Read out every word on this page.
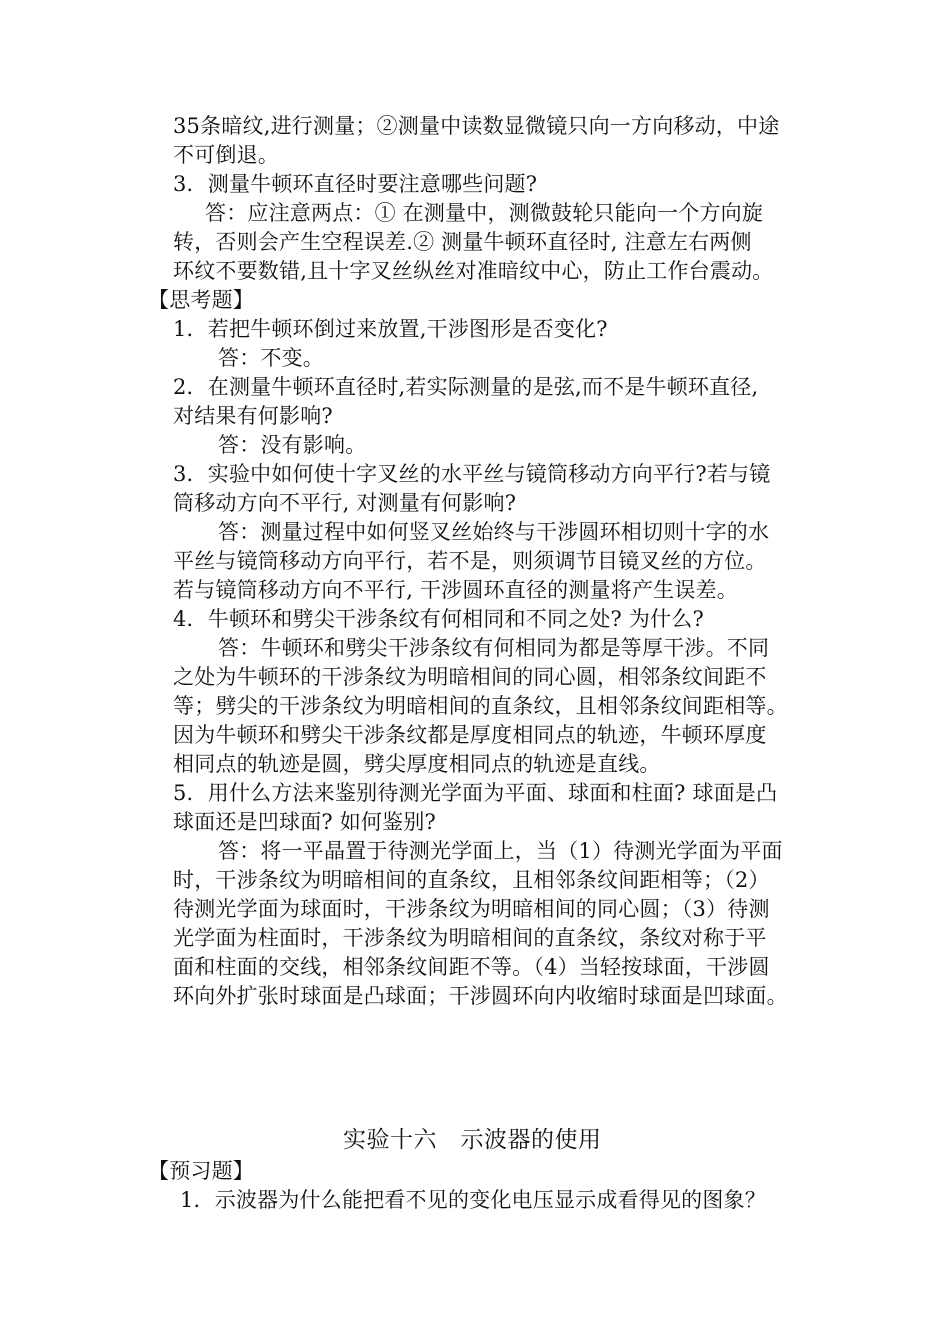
35条暗纹,进行测量；②测量中读数显微镜只向一方向移动，中途
不可倒退。
3．测量牛顿环直径时要注意哪些问题?
答：应注意两点：① 在测量中，测微鼓轮只能向一个方向旋
转，否则会产生空程误差.② 测量牛顿环直径时, 注意左右两侧
环纹不要数错,且十字叉丝纵丝对准暗纹中心，防止工作台震动。
【思考题】
1．若把牛顿环倒过来放置,干涉图形是否变化?
答：不变。
2．在测量牛顿环直径时,若实际测量的是弦,而不是牛顿环直径,
对结果有何影响?
答：没有影响。
3．实验中如何使十字叉丝的水平丝与镜筒移动方向平行?若与镜
筒移动方向不平行, 对测量有何影响?
答：测量过程中如何竖叉丝始终与干涉圆环相切则十字的水
平丝与镜筒移动方向平行，若不是，则须调节目镜叉丝的方位。
若与镜筒移动方向不平行, 干涉圆环直径的测量将产生误差。
4．牛顿环和劈尖干涉条纹有何相同和不同之处? 为什么?
答：牛顿环和劈尖干涉条纹有何相同为都是等厚干涉。不同
之处为牛顿环的干涉条纹为明暗相间的同心圆，相邻条纹间距不
等；劈尖的干涉条纹为明暗相间的直条纹，且相邻条纹间距相等。
因为牛顿环和劈尖干涉条纹都是厚度相同点的轨迹，牛顿环厚度
相同点的轨迹是圆，劈尖厚度相同点的轨迹是直线。
5．用什么方法来鉴别待测光学面为平面、球面和柱面? 球面是凸
球面还是凹球面? 如何鉴别?
答：将一平晶置于待测光学面上，当（1）待测光学面为平面
时，干涉条纹为明暗相间的直条纹，且相邻条纹间距相等；（2）
待测光学面为球面时，干涉条纹为明暗相间的同心圆；（3）待测
光学面为柱面时，干涉条纹为明暗相间的直条纹，条纹对称于平
面和柱面的交线，相邻条纹间距不等。（4）当轻按球面，干涉圆
环向外扩张时球面是凸球面；干涉圆环向内收缩时球面是凹球面。
实验十六　示波器的使用
【预习题】
1．示波器为什么能把看不见的变化电压显示成看得见的图象？
